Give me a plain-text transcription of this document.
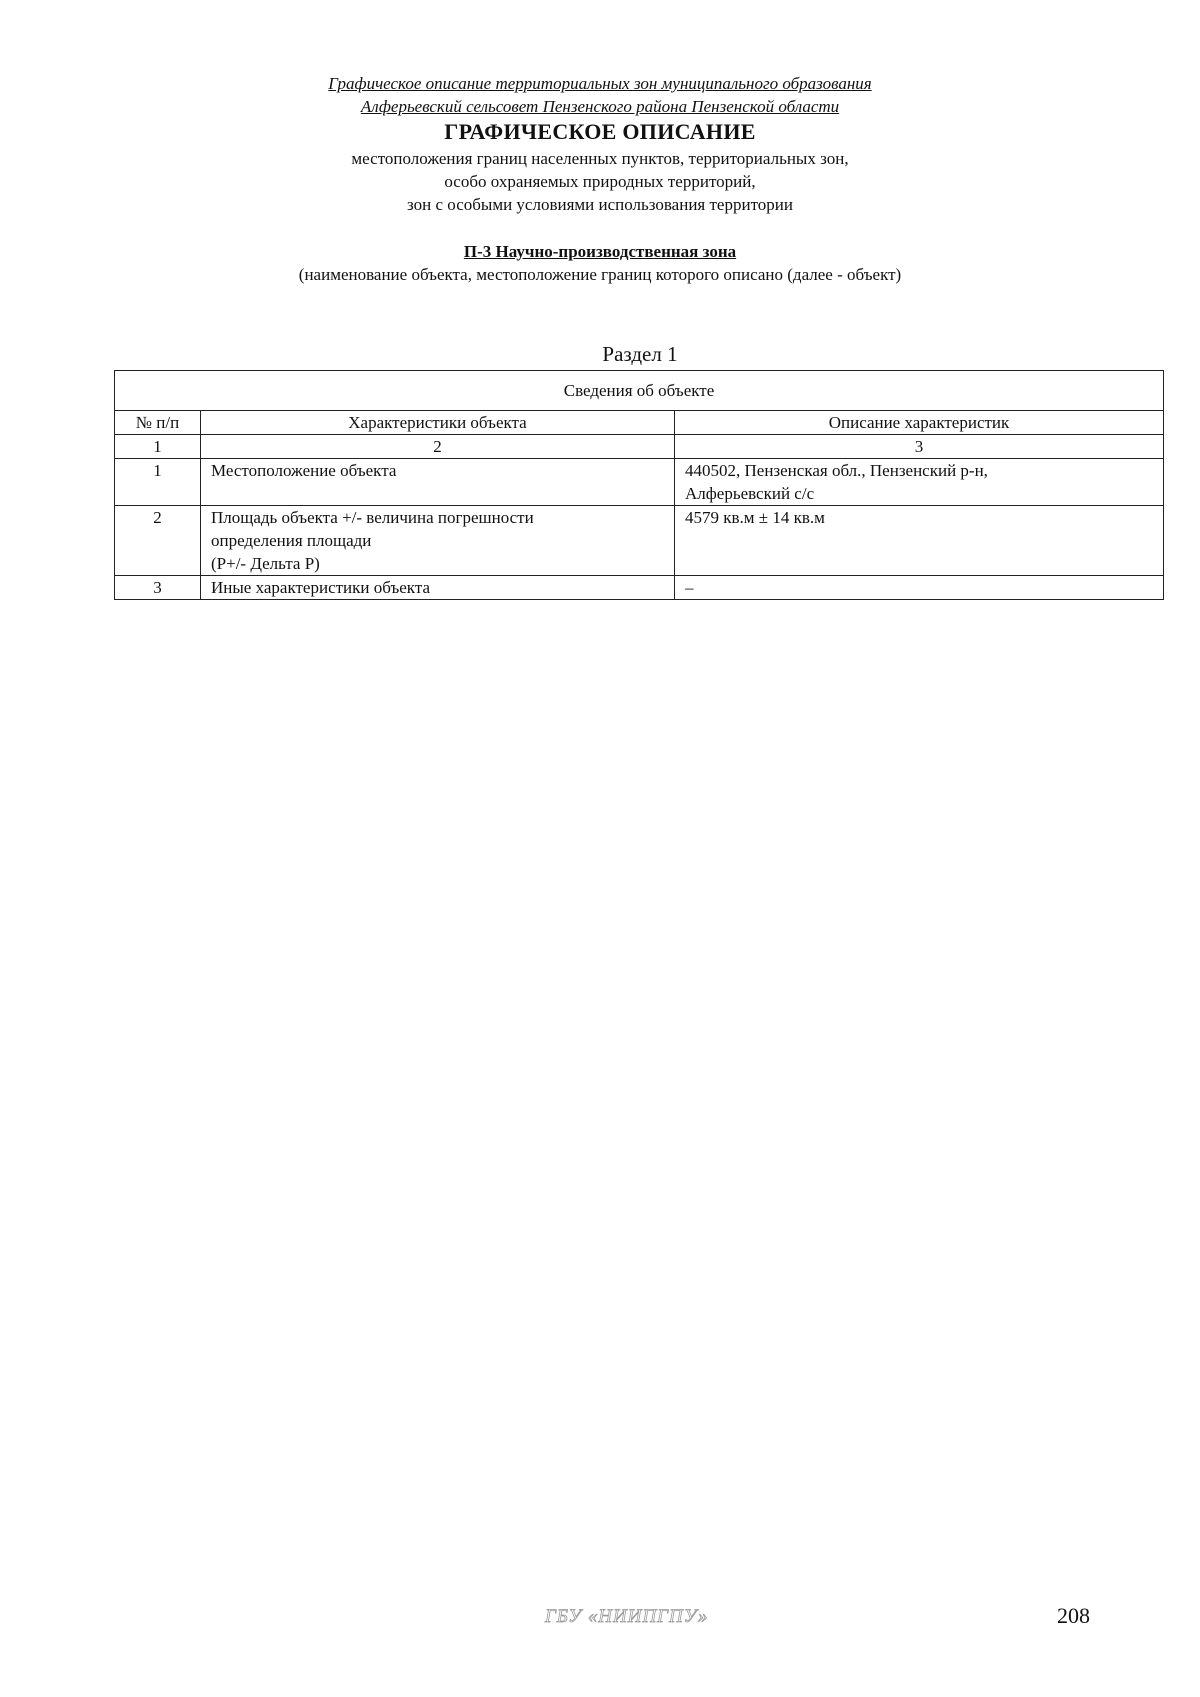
Графическое описание территориальных зон муниципального образования
Алферьевский сельсовет Пензенского района Пензенской области
ГРАФИЧЕСКОЕ ОПИСАНИЕ
местоположения границ населенных пунктов, территориальных зон,
особо охраняемых природных территорий,
зон с особыми условиями использования территории
П-3 Научно-производственная зона
(наименование объекта, местоположение границ которого описано (далее - объект)
Раздел 1
Сведения об объекте		
№ п/п	Характеристики объекта	Описание характеристик
1	2	3
1	Местоположение объекта	440502, Пензенская обл., Пензенский р-н,
Алферьевский с/с

2	Площадь объекта +/- величина погрешности
определения площади
(P+/- Дельта P)	4579 кв.м ± 14 кв.м

3	Иные характеристики объекта	–
ГБУ «НИИПГПУ»	208
